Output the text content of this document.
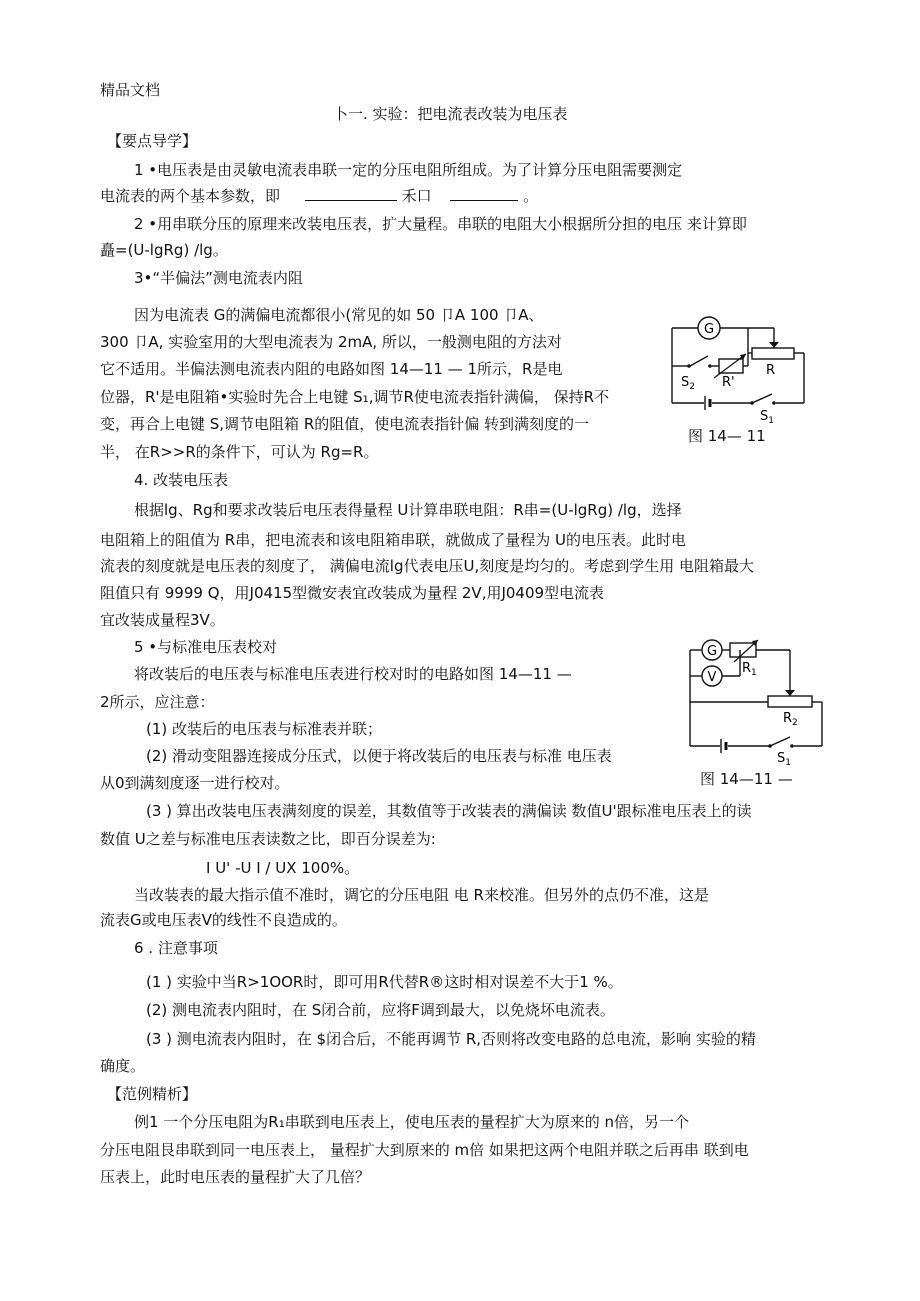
精品文档
卜一. 实验：把电流表改装为电压表
【要点导学】
1 •电压表是由灵敏电流表串联一定的分压电阻所组成。为了计算分压电阻需要测定
电流表的两个基本参数，即	禾口	。
2 •用串联分压的原理来改装电压表，扩大量程。串联的电阻大小根据所分担的电压 来计算即
矗=(U-lgRg) /lg。
3•“半偏法”测电流表内阻
因为电流表 G的满偏电流都很小(常见的如 50 卩A 100 卩A、
300 卩A, 实验室用的大型电流表为 2mA, 所以，一般测电阻的方法对
它不适用。半偏法测电流表内阻的电路如图 14—11 — 1所示，R是电
位器，R'是电阻箱•实验时先合上电键 S₁,调节R使电流表指针满偏， 保持R不
变，再合上电键 S,调节电阻箱 R的阻值，使电流表指针偏 转到满刻度的一
半， 在R>>R的条件下，可认为 Rg=R。
G
$S_2$ R'
R
$S_1$
图 14— 11
4. 改装电压表
根据lg、Rg和要求改装后电压表得量程 U计算串联电阻：R串=(U-lgRg) /lg，选择
电阻箱上的阻值为 R串，把电流表和该电阻箱串联，就做成了量程为 U的电压表。此时电
流表的刻度就是电压表的刻度了， 满偏电流lg代表电压U,刻度是均匀的。考虑到学生用 电阻箱最大
阻值只有 9999 Q，用J0415型微安表宜改装成为量程 2V,用J0409型电流表
宜改装成量程3V。
5 •与标准电压表校对
将改装后的电压表与标准电压表进行校对时的电路如图 14—11 —
2所示，应注意：
(1) 改装后的电压表与标准表并联；
(2) 滑动变阻器连接成分压式，以便于将改装后的电压表与标准 电压表
从0到满刻度逐一进行校对。
(3 ) 算出改装电压表满刻度的误差，其数值等于改装表的满偏读 数值U'跟标准电压表上的读
数值 U之差与标准电压表读数之比，即百分误差为:
I U' -U I / UX 100%。
当改装表的最大指示值不准时，调它的分压电阻 电 R来校准。但另外的点仍不准，这是
流表G或电压表V的线性不良造成的。
G
V
$R_1$
$R_2$
$S_1$
图 14—11 —
6 . 注意事项
(1 ) 实验中当R>1OOR时，即可用R代替R®这时相对误差不大于1 %。
(2) 测电流表内阻时，在 S闭合前，应将F调到最大，以免烧坏电流表。
(3 ) 测电流表内阻时，在 $闭合后，不能再调节 R,否则将改变电路的总电流，影响 实验的精
确度。
【范例精析】
例1 一个分压电阻为R₁串联到电压表上，使电压表的量程扩大为原来的 n倍，另一个
分压电阻艮串联到同一电压表上， 量程扩大到原来的 m倍 如果把这两个电阻并联之后再串 联到电
压表上，此时电压表的量程扩大了几倍？
